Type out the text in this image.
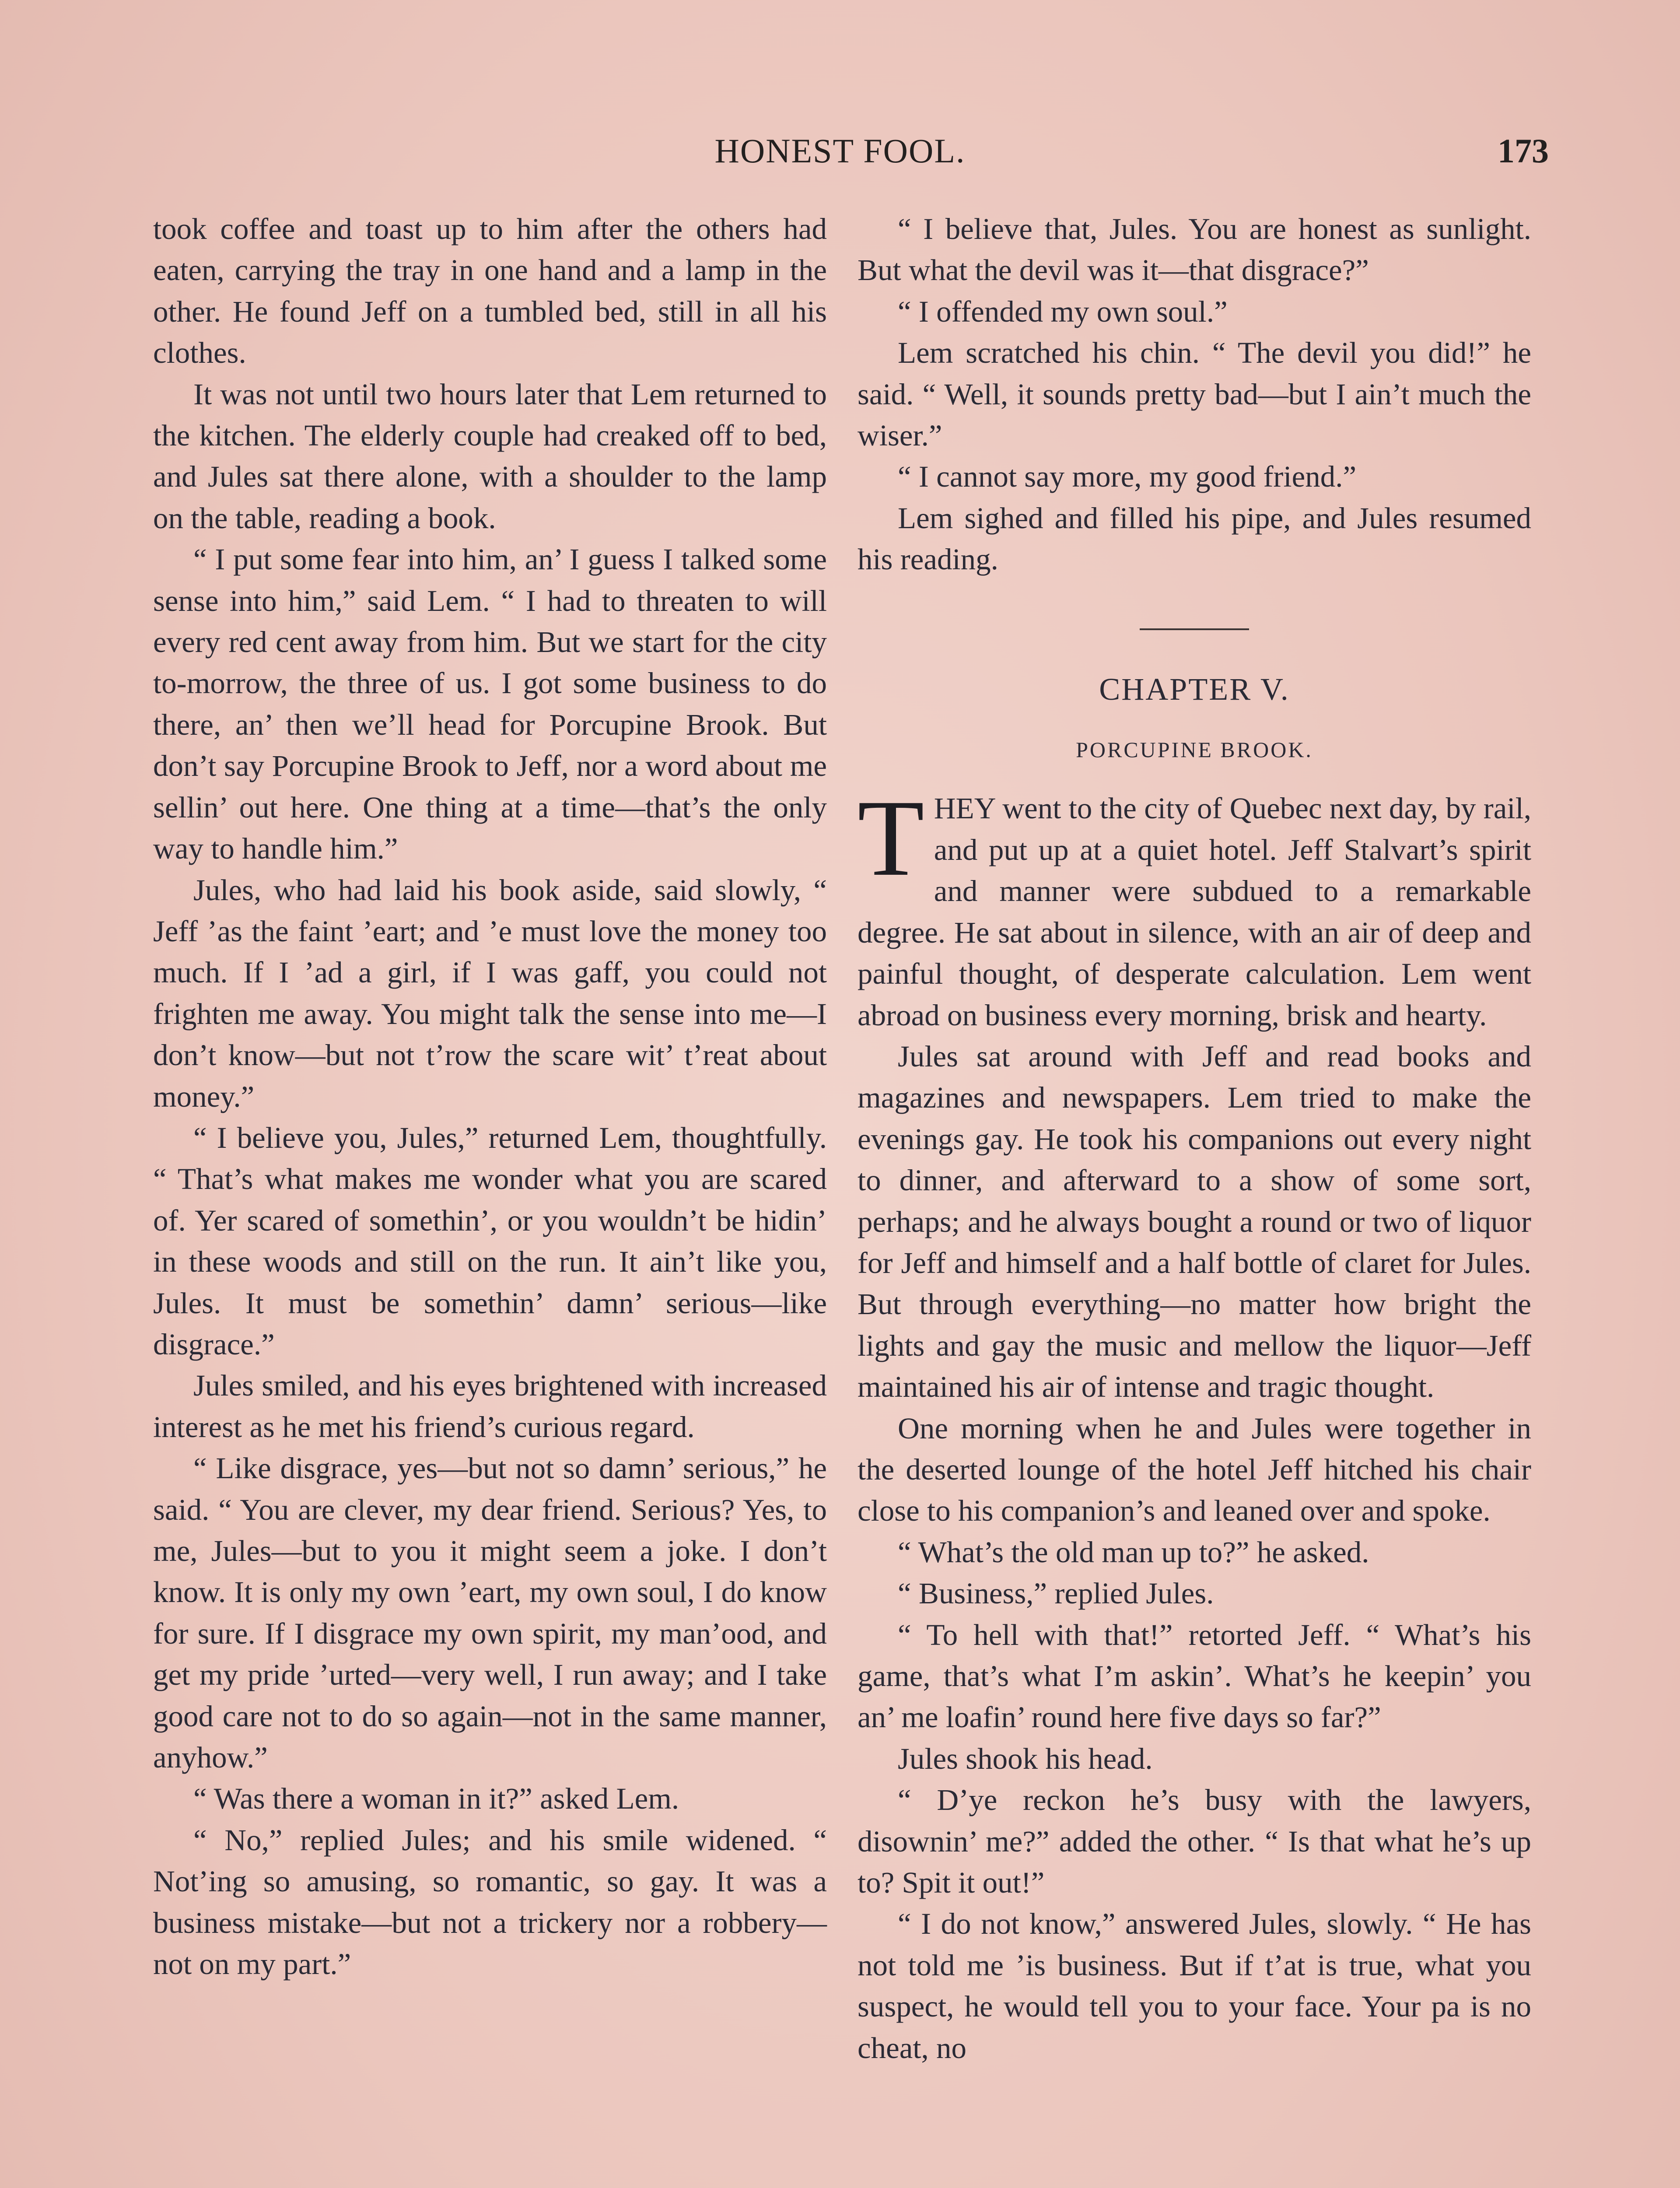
HONEST FOOL.	173

took coffee and toast up to him after the others had eaten, carrying the tray in one hand and a lamp in the other. He found Jeff on a tumbled bed, still in all his clothes.

It was not until two hours later that Lem returned to the kitchen. The elderly couple had creaked off to bed, and Jules sat there alone, with a shoulder to the lamp on the table, reading a book.

“ I put some fear into him, an’ I guess I talked some sense into him,” said Lem. “ I had to threaten to will every red cent away from him. But we start for the city to-morrow, the three of us. I got some business to do there, an’ then we’ll head for Porcupine Brook. But don’t say Porcupine Brook to Jeff, nor a word about me sellin’ out here. One thing at a time—that’s the only way to handle him.”

Jules, who had laid his book aside, said slowly, “ Jeff ’as the faint ’eart; and ’e must love the money too much. If I ’ad a girl, if I was gaff, you could not frighten me away. You might talk the sense into me—I don’t know—but not t’row the scare wit’ t’reat about money.”

“ I believe you, Jules,” returned Lem, thoughtfully. “ That’s what makes me wonder what you are scared of. Yer scared of somethin’, or you wouldn’t be hidin’ in these woods and still on the run. It ain’t like you, Jules. It must be somethin’ damn’ serious—like disgrace.”

Jules smiled, and his eyes brightened with increased interest as he met his friend’s curious regard.

“ Like disgrace, yes—but not so damn’ serious,” he said. “ You are clever, my dear friend. Serious? Yes, to me, Jules—but to you it might seem a joke. I don’t know. It is only my own ’eart, my own soul, I do know for sure. If I disgrace my own spirit, my man’ood, and get my pride ’urted—very well, I run away; and I take good care not to do so again—not in the same manner, anyhow.”

“ Was there a woman in it?” asked Lem.

“ No,” replied Jules; and his smile widened. “ Not’ing so amusing, so romantic, so gay. It was a business mistake—but not a trickery nor a robbery—not on my part.”

“ I believe that, Jules. You are honest as sunlight. But what the devil was it—that disgrace?”

“ I offended my own soul.”

Lem scratched his chin. “ The devil you did!” he said. “ Well, it sounds pretty bad—but I ain’t much the wiser.”

“ I cannot say more, my good friend.”

Lem sighed and filled his pipe, and Jules resumed his reading.

CHAPTER V.
PORCUPINE BROOK.

THEY went to the city of Quebec next day, by rail, and put up at a quiet hotel. Jeff Stalvart’s spirit and manner were subdued to a remarkable degree. He sat about in silence, with an air of deep and painful thought, of desperate calculation. Lem went abroad on business every morning, brisk and hearty.

Jules sat around with Jeff and read books and magazines and newspapers. Lem tried to make the evenings gay. He took his companions out every night to dinner, and afterward to a show of some sort, perhaps; and he always bought a round or two of liquor for Jeff and himself and a half bottle of claret for Jules. But through everything—no matter how bright the lights and gay the music and mellow the liquor—Jeff maintained his air of intense and tragic thought.

One morning when he and Jules were together in the deserted lounge of the hotel Jeff hitched his chair close to his companion’s and leaned over and spoke.

“ What’s the old man up to?” he asked.

“ Business,” replied Jules.

“ To hell with that!” retorted Jeff. “ What’s his game, that’s what I’m askin’. What’s he keepin’ you an’ me loafin’ round here five days so far?”

Jules shook his head.

“ D’ye reckon he’s busy with the lawyers, disownin’ me?” added the other. “ Is that what he’s up to? Spit it out!”

“ I do not know,” answered Jules, slowly. “ He has not told me ’is business. But if t’at is true, what you suspect, he would tell you to your face. Your pa is no cheat, no
